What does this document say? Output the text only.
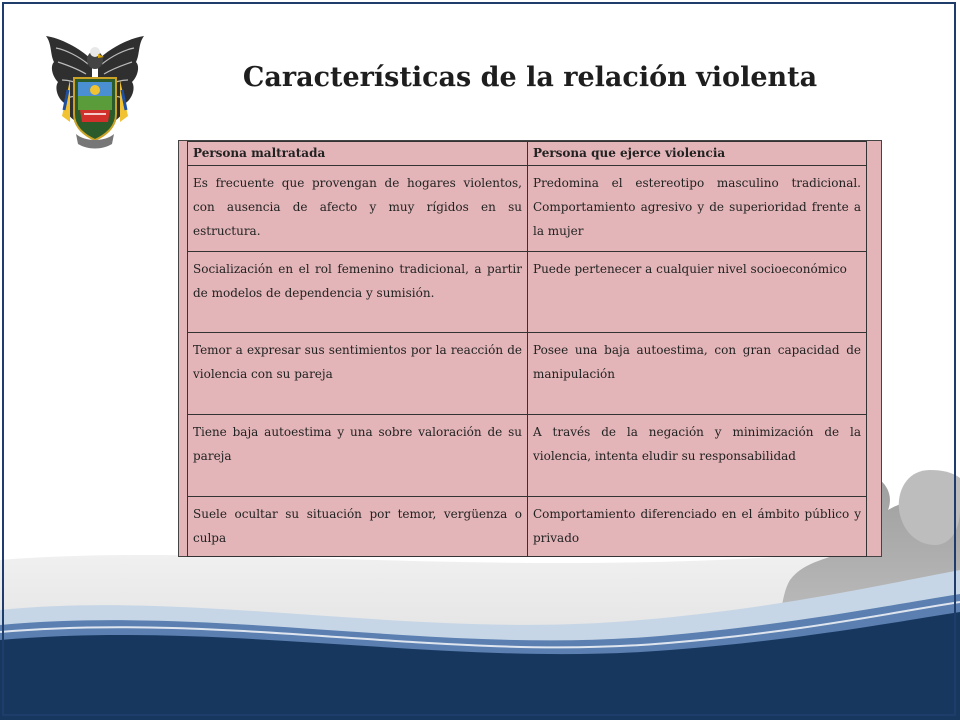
Características de la relación violenta
Persona maltratada	Persona que ejerce violencia
Es frecuente que provengan de hogares violentos, con ausencia de afecto y muy rígidos en su estructura.	Predomina el estereotipo masculino tradicional. Comportamiento agresivo y de superioridad frente a la mujer
Socialización en el rol femenino tradicional, a partir de modelos de dependencia y sumisión.	Puede pertenecer a cualquier nivel socioeconómico
Temor a expresar sus sentimientos por la reacción de violencia con su pareja	Posee una baja autoestima, con gran capacidad de manipulación
Tiene baja autoestima y una sobre valoración de su pareja	A través de la negación y minimización de la violencia, intenta eludir su responsabilidad
Suele ocultar su situación por temor, vergüenza o culpa	Comportamiento diferenciado en el ámbito público y privado
